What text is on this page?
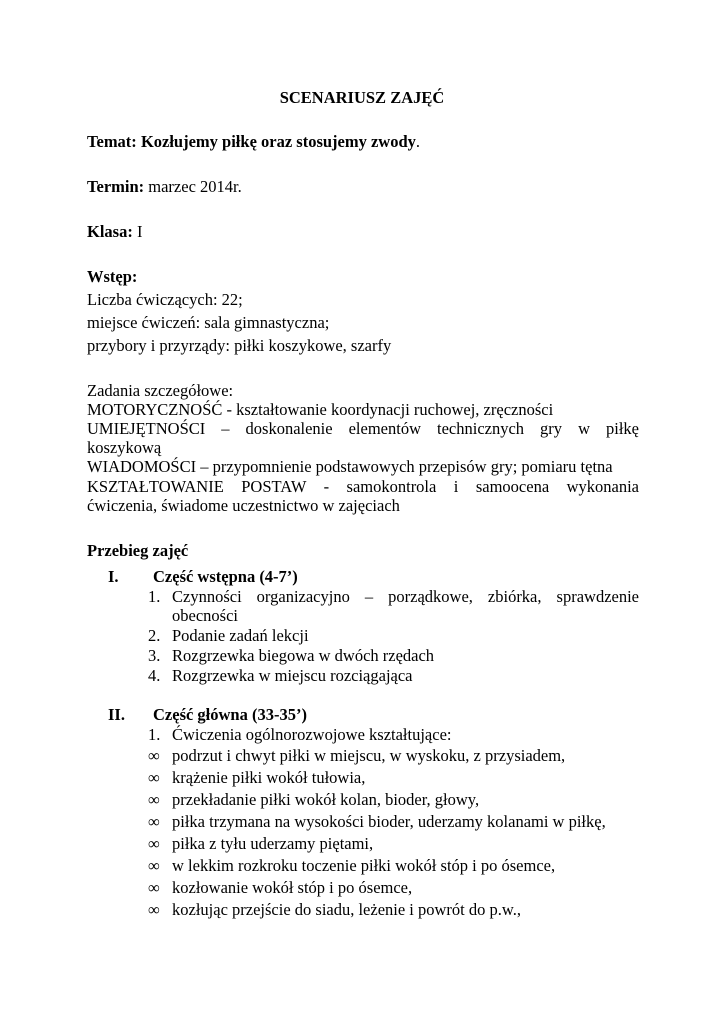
SCENARIUSZ ZAJĘĆ
Temat: Kozłujemy piłkę oraz stosujemy zwody.
Termin: marzec 2014r.
Klasa: I
Wstęp:
Liczba ćwiczących: 22;
miejsce ćwiczeń: sala gimnastyczna;
przybory i przyrządy: piłki koszykowe, szarfy
Zadania szczegółowe:
MOTORYCZNOŚĆ - kształtowanie koordynacji ruchowej, zręczności
UMIEJĘTNOŚCI – doskonalenie elementów technicznych gry w piłkę
koszykową
WIADOMOŚCI – przypomnienie podstawowych przepisów gry; pomiaru tętna
KSZTAŁTOWANIE POSTAW - samokontrola i samoocena wykonania
ćwiczenia, świadome uczestnictwo w zajęciach
Przebieg zajęć
I. Część wstępna (4-7’)
1. Czynności organizacyjno – porządkowe, zbiórka, sprawdzenie
obecności
2. Podanie zadań lekcji
3. Rozgrzewka biegowa w dwóch rzędach
4. Rozgrzewka w miejscu rozciągająca
II. Część główna (33-35’)
1. Ćwiczenia ogólnorozwojowe kształtujące:
∞ podrzut i chwyt piłki w miejscu, w wyskoku, z przysiadem,
∞ krążenie piłki wokół tułowia,
∞ przekładanie piłki wokół kolan, bioder, głowy,
∞ piłka trzymana na wysokości bioder, uderzamy kolanami w piłkę,
∞ piłka z tyłu uderzamy piętami,
∞ w lekkim rozkroku toczenie piłki wokół stóp i po ósemce,
∞ kozłowanie wokół stóp i po ósemce,
∞ kozłując przejście do siadu, leżenie i powrót do p.w.,
